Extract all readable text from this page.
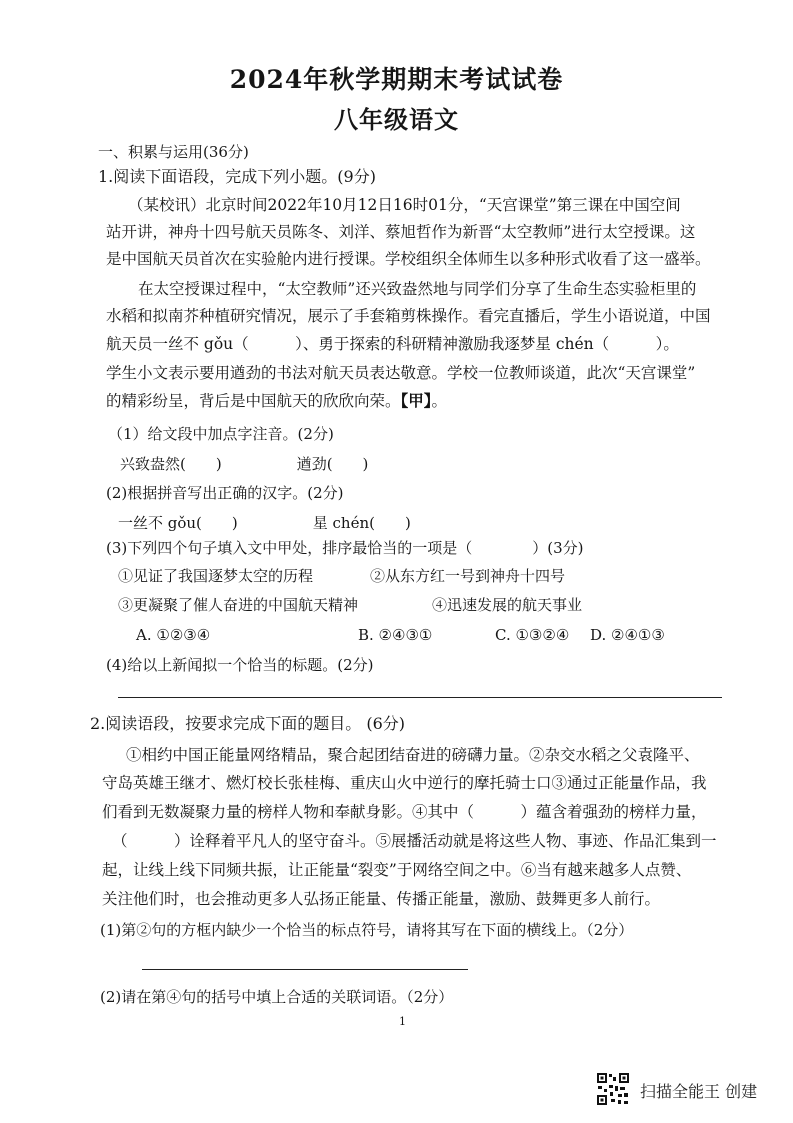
2024年秋学期期末考试试卷
八年级语文
一、积累与运用(36分)
1.阅读下面语段，完成下列小题。(9分)
（某校讯）北京时间2022年10月12日16时01分，“天宫课堂”第三课在中国空间
站开讲，神舟十四号航天员陈冬、刘洋、蔡旭哲作为新晋“太空教师”进行太空授课。这
是中国航天员首次在实验舱内进行授课。学校组织全体师生以多种形式收看了这一盛举。
在太空授课过程中，“太空教师”还兴致盎然地与同学们分享了生命生态实验柜里的
水稻和拟南芥种植研究情况，展示了手套箱剪株操作。看完直播后，学生小语说道，中国
航天员一丝不 gǒu（　　　）、勇于探索的科研精神激励我逐梦星 chén（　　　）。
学生小文表示要用遒劲的书法对航天员表达敬意。学校一位教师谈道，此次“天宫课堂”
的精彩纷呈，背后是中国航天的欣欣向荣。【甲】。
（1）给文段中加点字注音。(2分)
兴致盎然(　　)　　　　　遒劲(　　)
(2)根据拼音写出正确的汉字。(2分)
一丝不 gǒu(　　)　　　　　星 chén(　　)
(3)下列四个句子填入文中甲处，排序最恰当的一项是（　　　　）(3分)
①见证了我国逐梦太空的历程	②从东方红一号到神舟十四号
③更凝聚了催人奋进的中国航天精神	④迅速发展的航天事业
A. ①②③④	B. ②④③①	C. ①③②④ D. ②④①③
(4)给以上新闻拟一个恰当的标题。(2分)
2.阅读语段，按要求完成下面的题目。 (6分)
①相约中国正能量网络精品，聚合起团结奋进的磅礴力量。②杂交水稻之父袁隆平、
守岛英雄王继才、燃灯校长张桂梅、重庆山火中逆行的摩托骑士口③通过正能量作品，我
们看到无数凝聚力量的榜样人物和奉献身影。④其中（　　　）蕴含着强劲的榜样力量，
（　　　）诠释着平凡人的坚守奋斗。⑤展播活动就是将这些人物、事迹、作品汇集到一
起，让线上线下同频共振，让正能量“裂变”于网络空间之中。⑥当有越来越多人点赞、
关注他们时，也会推动更多人弘扬正能量、传播正能量，激励、鼓舞更多人前行。
(1)第②句的方框内缺少一个恰当的标点符号，请将其写在下面的横线上。（2分）
(2)请在第④句的括号中填上合适的关联词语。（2分）
1
扫描全能王 创建
